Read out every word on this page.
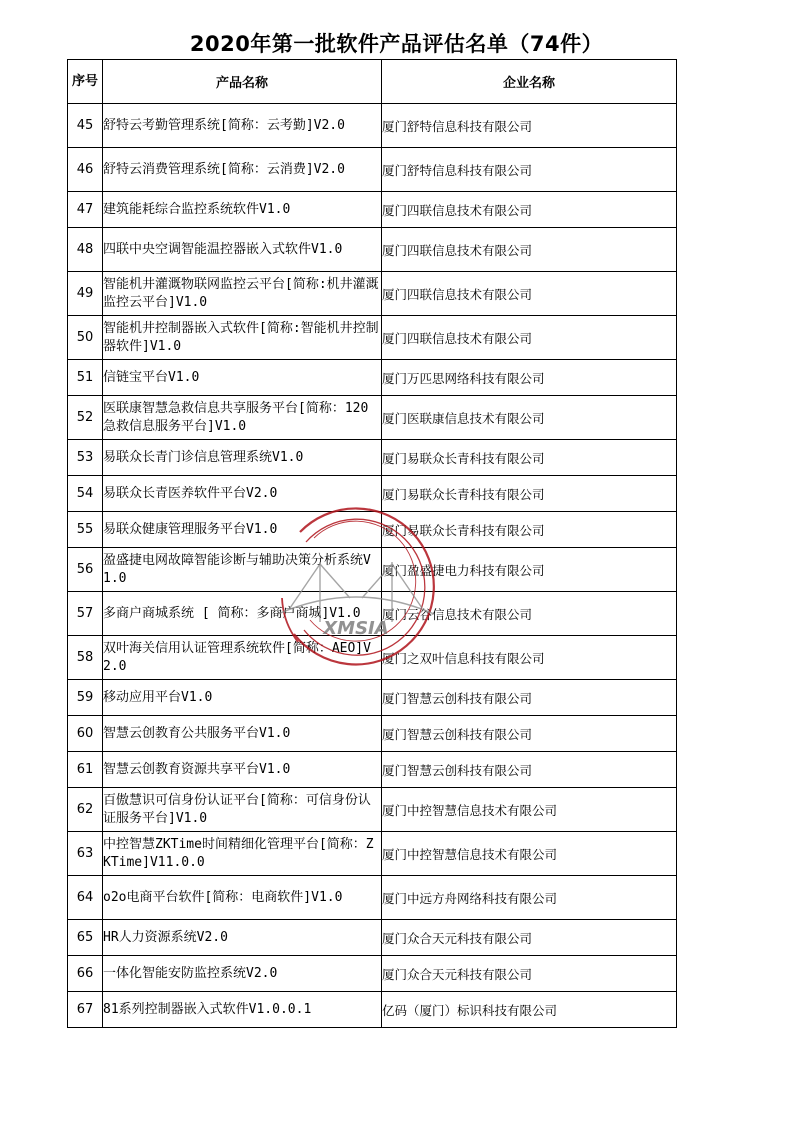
2020年第一批软件产品评估名单（74件）
序号	产品名称	企业名称
45	舒特云考勤管理系统[简称：云考勤]V2.0	厦门舒特信息科技有限公司
46	舒特云消费管理系统[简称：云消费]V2.0	厦门舒特信息科技有限公司
47	建筑能耗综合监控系统软件V1.0	厦门四联信息技术有限公司
48	四联中央空调智能温控器嵌入式软件V1.0	厦门四联信息技术有限公司
49	智能机井灌溉物联网监控云平台[简称:机井灌溉监控云平台]V1.0	厦门四联信息技术有限公司
50	智能机井控制器嵌入式软件[简称:智能机井控制器软件]V1.0	厦门四联信息技术有限公司
51	信链宝平台V1.0	厦门万匹思网络科技有限公司
52	医联康智慧急救信息共享服务平台[简称：120急救信息服务平台]V1.0	厦门医联康信息技术有限公司
53	易联众长青门诊信息管理系统V1.0	厦门易联众长青科技有限公司
54	易联众长青医养软件平台V2.0	厦门易联众长青科技有限公司
55	易联众健康管理服务平台V1.0	厦门易联众长青科技有限公司
56	盈盛捷电网故障智能诊断与辅助决策分析系统V1.0	厦门盈盛捷电力科技有限公司
57	多商户商城系统 [ 简称：多商户商城]V1.0	厦门云谷信息技术有限公司
58	双叶海关信用认证管理系统软件[简称：AEO]V2.0	厦门之双叶信息科技有限公司
59	移动应用平台V1.0	厦门智慧云创科技有限公司
60	智慧云创教育公共服务平台V1.0	厦门智慧云创科技有限公司
61	智慧云创教育资源共享平台V1.0	厦门智慧云创科技有限公司
62	百傲慧识可信身份认证平台[简称：可信身份认证服务平台]V1.0	厦门中控智慧信息技术有限公司
63	中控智慧ZKTime时间精细化管理平台[简称：ZKTime]V11.0.0	厦门中控智慧信息技术有限公司
64	o2o电商平台软件[简称：电商软件]V1.0	厦门中远方舟网络科技有限公司
65	HR人力资源系统V2.0	厦门众合天元科技有限公司
66	一体化智能安防监控系统V2.0	厦门众合天元科技有限公司
67	81系列控制器嵌入式软件V1.0.0.1	亿码（厦门）标识科技有限公司
XMSIA
